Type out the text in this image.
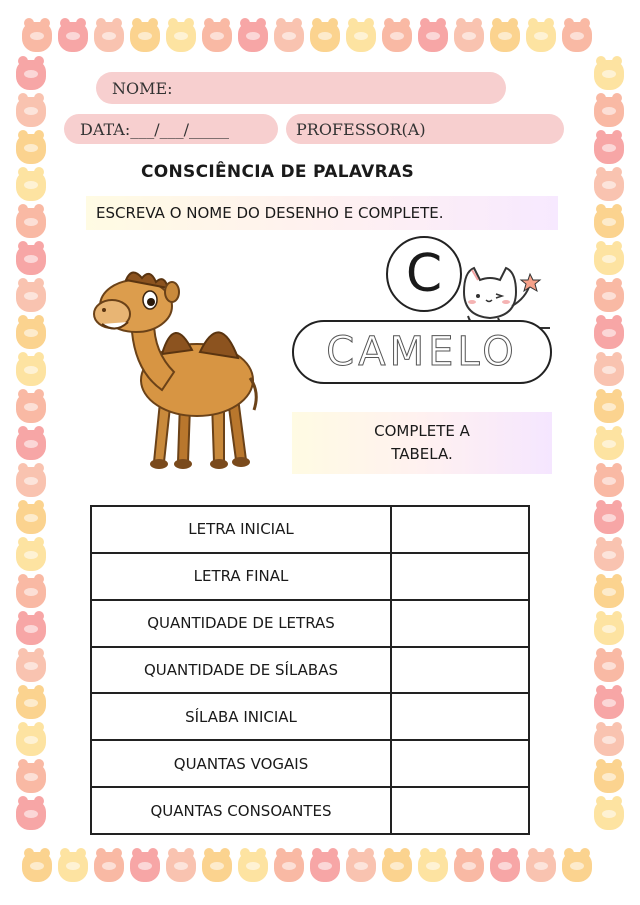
NOME:
DATA:___/___/_____	PROFESSOR(A)
CONSCIÊNCIA DE PALAVRAS
ESCREVA O NOME DO DESENHO E COMPLETE.
C
CAMELO
COMPLETE A TABELA.
LETRA INICIAL	
LETRA FINAL	
QUANTIDADE DE LETRAS	
QUANTIDADE DE SÍLABAS	
SÍLABA INICIAL	
QUANTAS VOGAIS	
QUANTAS CONSOANTES	
